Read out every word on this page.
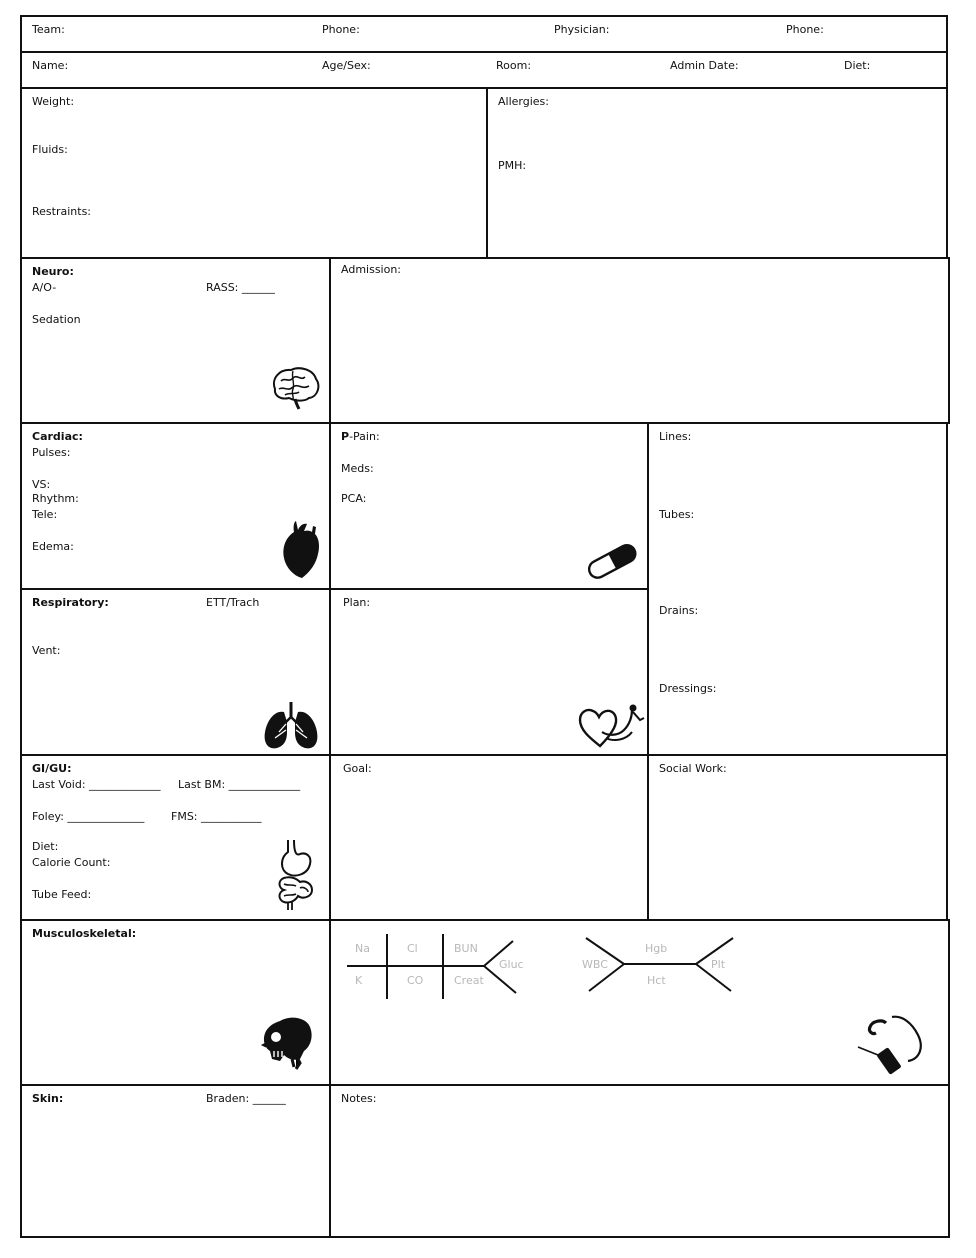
Team:	Phone:	Physician:	Phone:
Name:	Age/Sex:	Room:	Admin Date:	Diet:
Weight:
Fluids:
Restraints:
Allergies:
PMH:
Neuro:
A/O-	RASS: ______
Sedation
Admission:
Cardiac:
Pulses:
VS:
Rhythm:
Tele:
Edema:
P-Pain:
Meds:
PCA:
Lines:
Tubes:
Drains:
Dressings:
Respiratory:	ETT/Trach
Vent:
Plan:
GI/GU:
Last Void: _____________ Last BM: _____________
Foley: ______________ FMS: ___________
Diet:
Calorie Count:
Tube Feed:
Goal:	Social Work:
Musculoskeletal:
Na	Cl	BUN
K	CO	Creat
Gluc	WBC
Hgb
Hct
Plt
Skin:	Braden: ______	Notes:
